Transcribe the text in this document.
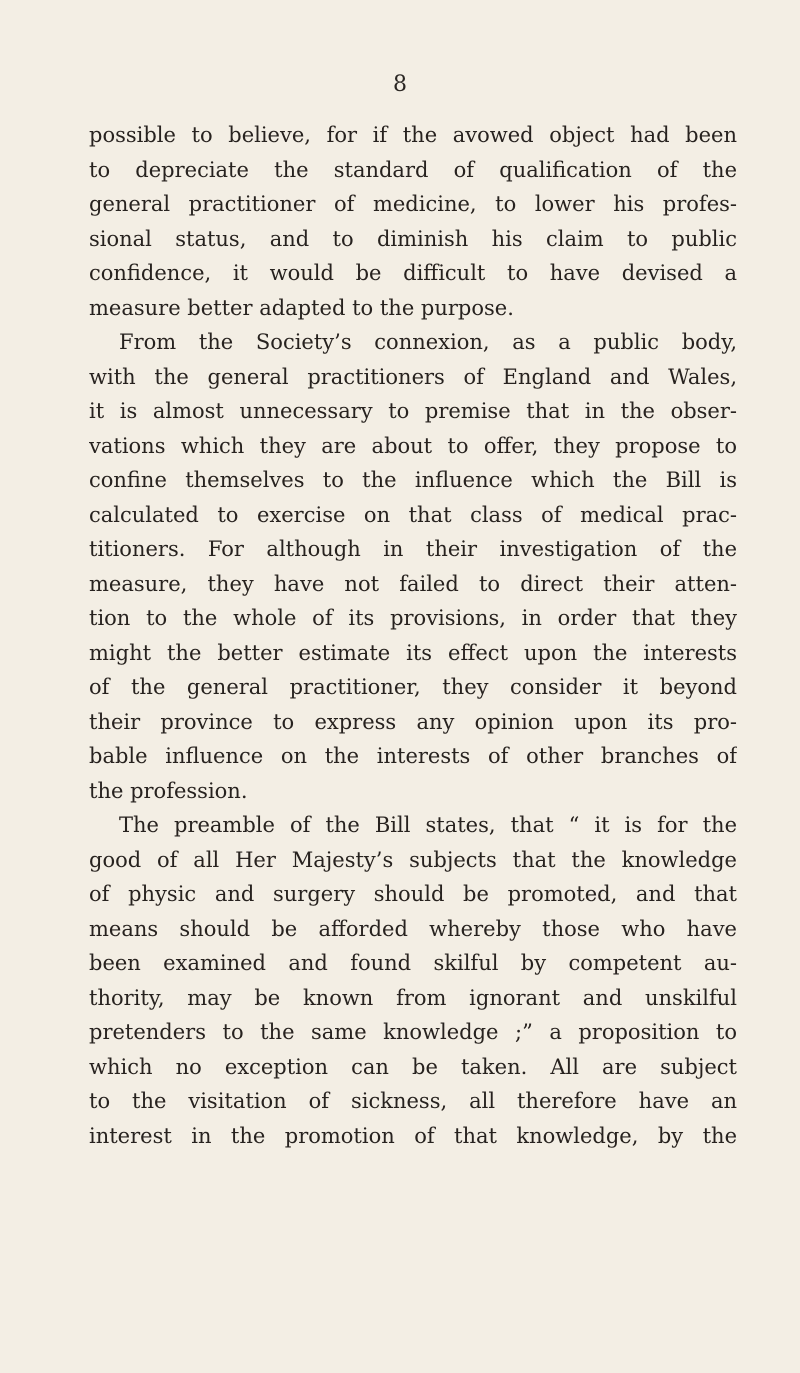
8
possible to believe, for if the avowed object had been
to depreciate the standard of qualification of the
general practitioner of medicine, to lower his profes-
sional status, and to diminish his claim to public
confidence, it would be difficult to have devised a
measure better adapted to the purpose.
From the Society’s connexion, as a public body,
with the general practitioners of England and Wales,
it is almost unnecessary to premise that in the obser-
vations which they are about to offer, they propose to
confine themselves to the influence which the Bill is
calculated to exercise on that class of medical prac-
titioners. For although in their investigation of the
measure, they have not failed to direct their atten-
tion to the whole of its provisions, in order that they
might the better estimate its effect upon the interests
of the general practitioner, they consider it beyond
their province to express any opinion upon its pro-
bable influence on the interests of other branches of
the profession.
The preamble of the Bill states, that “ it is for the
good of all Her Majesty’s subjects that the knowledge
of physic and surgery should be promoted, and that
means should be afforded whereby those who have
been examined and found skilful by competent au-
thority, may be known from ignorant and unskilful
pretenders to the same knowledge ;” a proposition to
which no exception can be taken. All are subject
to the visitation of sickness, all therefore have an
interest in the promotion of that knowledge, by the
